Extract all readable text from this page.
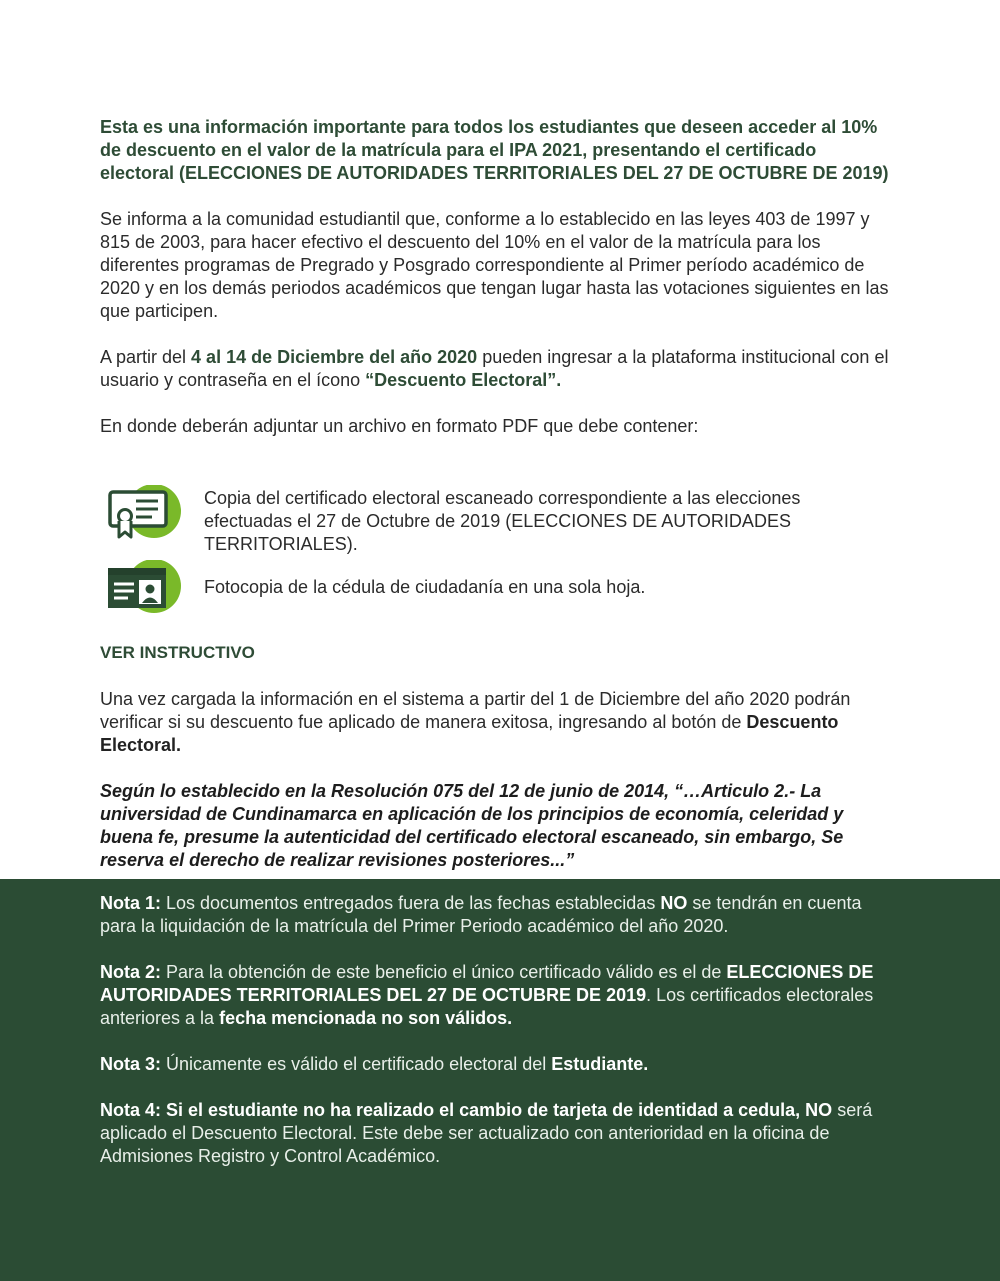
Esta es una información importante para todos los estudiantes que deseen acceder al 10% de descuento en el valor de la matrícula para el IPA 2021, presentando el certificado electoral (ELECCIONES DE AUTORIDADES TERRITORIALES DEL 27 DE OCTUBRE DE 2019)

Se informa a la comunidad estudiantil que, conforme a lo establecido en las leyes 403 de 1997 y 815 de 2003, para hacer efectivo el descuento del 10% en el valor de la matrícula para los diferentes programas de Pregrado y Posgrado correspondiente al Primer período académico de 2020 y en los demás periodos académicos que tengan lugar hasta las votaciones siguientes en las que participen.

A partir del 4 al 14 de Diciembre del año 2020 pueden ingresar a la plataforma institucional con el usuario y contraseña en el ícono “Descuento Electoral”.

En donde deberán adjuntar un archivo en formato PDF que debe contener:

Copia del certificado electoral escaneado correspondiente a las elecciones efectuadas el 27 de Octubre de 2019 (ELECCIONES DE AUTORIDADES TERRITORIALES).
Fotocopia de la cédula de ciudadanía en una sola hoja.

VER INSTRUCTIVO

Una vez cargada la información en el sistema a partir del 1 de Diciembre del año 2020 podrán verificar si su descuento fue aplicado de manera exitosa, ingresando al botón de Descuento Electoral.

Según lo establecido en la Resolución 075 del 12 de junio de 2014, “…Articulo 2.- La universidad de Cundinamarca en aplicación de los principios de economía, celeridad y buena fe, presume la autenticidad del certificado electoral escaneado, sin embargo, Se reserva el derecho de realizar revisiones posteriores...”

Nota 1: Los documentos entregados fuera de las fechas establecidas NO se tendrán en cuenta para la liquidación de la matrícula del Primer Periodo académico del año 2020.

Nota 2: Para la obtención de este beneficio el único certificado válido es el de ELECCIONES DE AUTORIDADES TERRITORIALES DEL 27 DE OCTUBRE DE 2019. Los certificados electorales anteriores a la fecha mencionada no son válidos.

Nota 3: Únicamente es válido el certificado electoral del Estudiante.

Nota 4: Si el estudiante no ha realizado el cambio de tarjeta de identidad a cedula, NO será aplicado el Descuento Electoral. Este debe ser actualizado con anterioridad en la oficina de Admisiones Registro y Control Académico.
